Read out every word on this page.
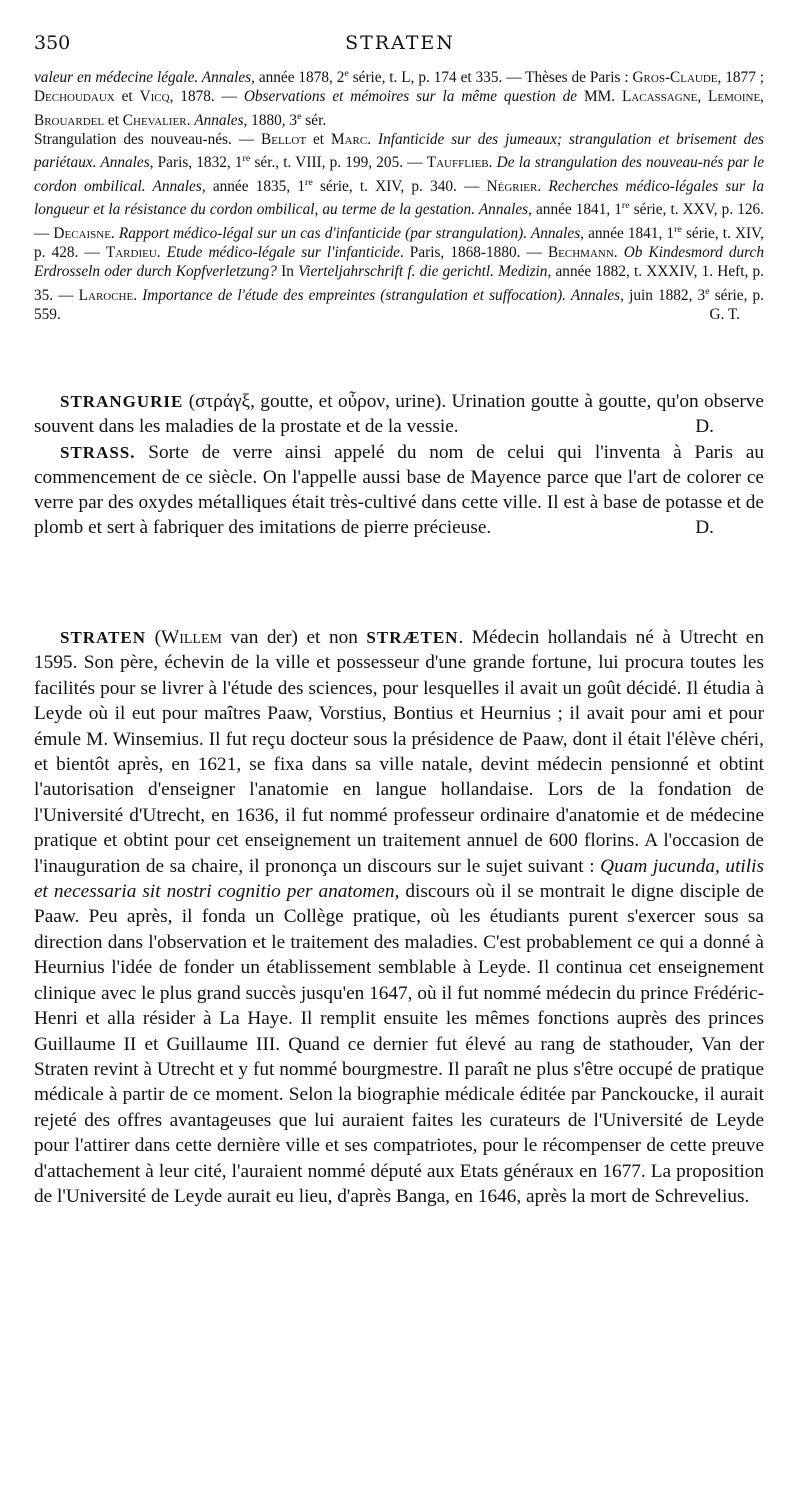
350	STRATEN

valeur en médecine légale. Annales, année 1878, 2e série, t. L, p. 174 et 335. — Thèses de Paris : Gros-Claude, 1877 ; Dechoudaux et Vicq, 1878. — Observations et mémoires sur la même question de MM. Lacassagne, Lemoine, Brouardel et Chevalier. Annales, 1880, 3e sér.

Strangulation des nouveau-nés. — Bellot et Marc. Infanticide sur des jumeaux; strangulation et brisement des pariétaux. Annales, Paris, 1832, 1re sér., t. VIII, p. 199, 205. — Tauffliеb. De la strangulation des nouveau-nés par le cordon ombilical. Annales, année 1835, 1re série, t. XIV, p. 340. — Négrier. Recherches médico-légales sur la longueur et la résistance du cordon ombilical, au terme de la gestation. Annales, année 1841, 1re série, t. XXV, p. 126. — Decaisne. Rapport médico-légal sur un cas d'infanticide (par strangulation). Annales, année 1841, 1re série, t. XIV, p. 428. — Tardieu. Etude médico-légale sur l'infanticide. Paris, 1868-1880. — Bechmann. Ob Kindesmord durch Erdrosseln oder durch Kopfverletzung? In Vierteljahrschrift f. die gerichtl. Medizin, année 1882, t. XXXIV, 1. Heft, p. 35. — Laroche. Importance de l'étude des empreintes (strangulation et suffocation). Annales, juin 1882, 3e série, p. 559.	G. T.

STRANGURIE (στράγξ, goutte, et οὖρον, urine). Urination goutte à goutte, qu'on observe souvent dans les maladies de la prostate et de la vessie.	D.

STRASS. Sorte de verre ainsi appelé du nom de celui qui l'inventa à Paris au commencement de ce siècle. On l'appelle aussi base de Mayence parce que l'art de colorer ce verre par des oxydes métalliques était très-cultivé dans cette ville. Il est à base de potasse et de plomb et sert à fabriquer des imitations de pierre précieuse.	D.

STRATEN (Willem van der) et non STRÆTEN. Médecin hollandais né à Utrecht en 1595. Son père, échevin de la ville et possesseur d'une grande fortune, lui procura toutes les facilités pour se livrer à l'étude des sciences, pour lesquelles il avait un goût décidé. Il étudia à Leyde où il eut pour maîtres Paaw, Vorstius, Bontius et Heurnius ; il avait pour ami et pour émule M. Winsemius. Il fut reçu docteur sous la présidence de Paaw, dont il était l'élève chéri, et bientôt après, en 1621, se fixa dans sa ville natale, devint médecin pensionné et obtint l'autorisation d'enseigner l'anatomie en langue hollandaise. Lors de la fondation de l'Université d'Utrecht, en 1636, il fut nommé professeur ordinaire d'anatomie et de médecine pratique et obtint pour cet enseignement un traitement annuel de 600 florins. A l'occasion de l'inauguration de sa chaire, il prononça un discours sur le sujet suivant : Quam jucunda, utilis et necessaria sit nostri cognitio per anatomen, discours où il se montrait le digne disciple de Paaw. Peu après, il fonda un Collège pratique, où les étudiants purent s'exercer sous sa direction dans l'observation et le traitement des maladies. C'est probablement ce qui a donné à Heurnius l'idée de fonder un établissement semblable à Leyde. Il continua cet enseignement clinique avec le plus grand succès jusqu'en 1647, où il fut nommé médecin du prince Frédéric-Henri et alla résider à La Haye. Il remplit ensuite les mêmes fonctions auprès des princes Guillaume II et Guillaume III. Quand ce dernier fut élevé au rang de stathouder, Van der Straten revint à Utrecht et y fut nommé bourgmestre. Il paraît ne plus s'être occupé de pratique médicale à partir de ce moment. Selon la biographie médicale éditée par Panckoucke, il aurait rejeté des offres avantageuses que lui auraient faites les curateurs de l'Université de Leyde pour l'attirer dans cette dernière ville et ses compatriotes, pour le récompenser de cette preuve d'attachement à leur cité, l'auraient nommé député aux Etats généraux en 1677. La proposition de l'Université de Leyde aurait eu lieu, d'après Banga, en 1646, après la mort de Schrevelius.
